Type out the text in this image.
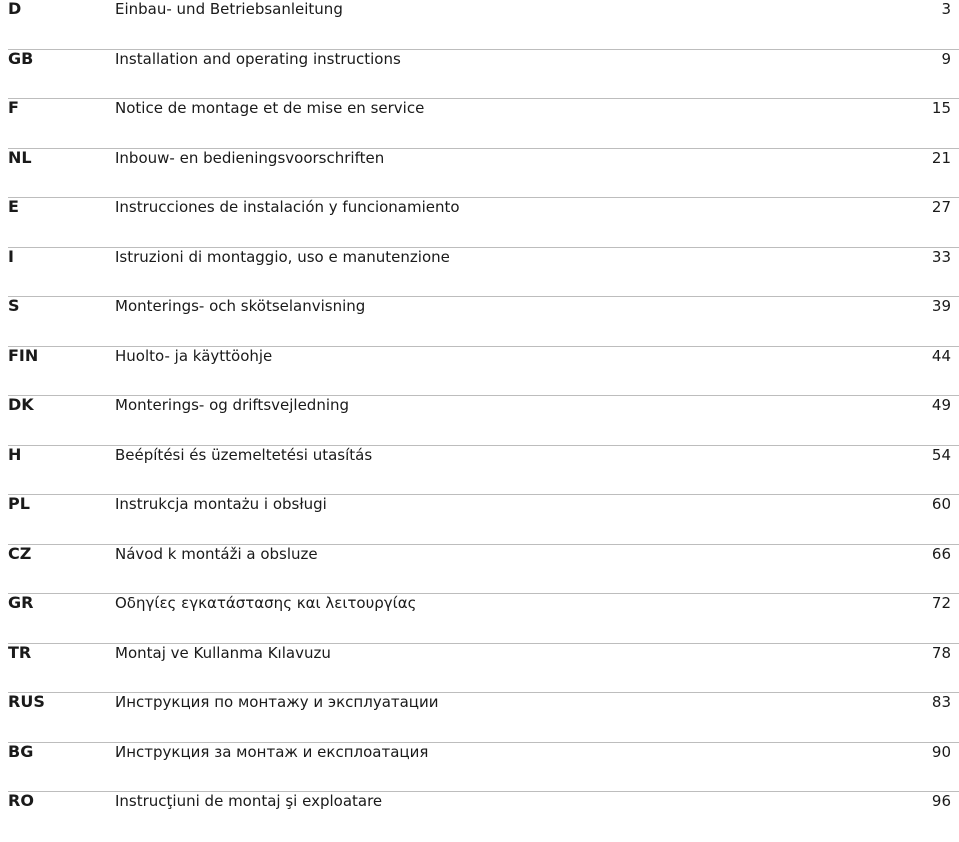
D	Einbau- und Betriebsanleitung	3
GB	Installation and operating instructions	9
F	Notice de montage et de mise en service	15
NL	Inbouw- en bedieningsvoorschriften	21
E	Instrucciones de instalación y funcionamiento	27
I	Istruzioni di montaggio, uso e manutenzione	33
S	Monterings- och skötselanvisning	39
FIN	Huolto- ja käyttöohje	44
DK	Monterings- og driftsvejledning	49
H	Beépítési és üzemeltetési utasítás	54
PL	Instrukcja montażu i obsługi	60
CZ	Návod k montáži a obsluze	66
GR	Οδηγίες εγκατάστασης και λειτουργίας	72
TR	Montaj ve Kullanma Kılavuzu	78
RUS	Инструкция по монтажу и эксплуатации	83
BG	Инструкция за монтаж и експлоатация	90
RO	Instrucţiuni de montaj şi exploatare	96
